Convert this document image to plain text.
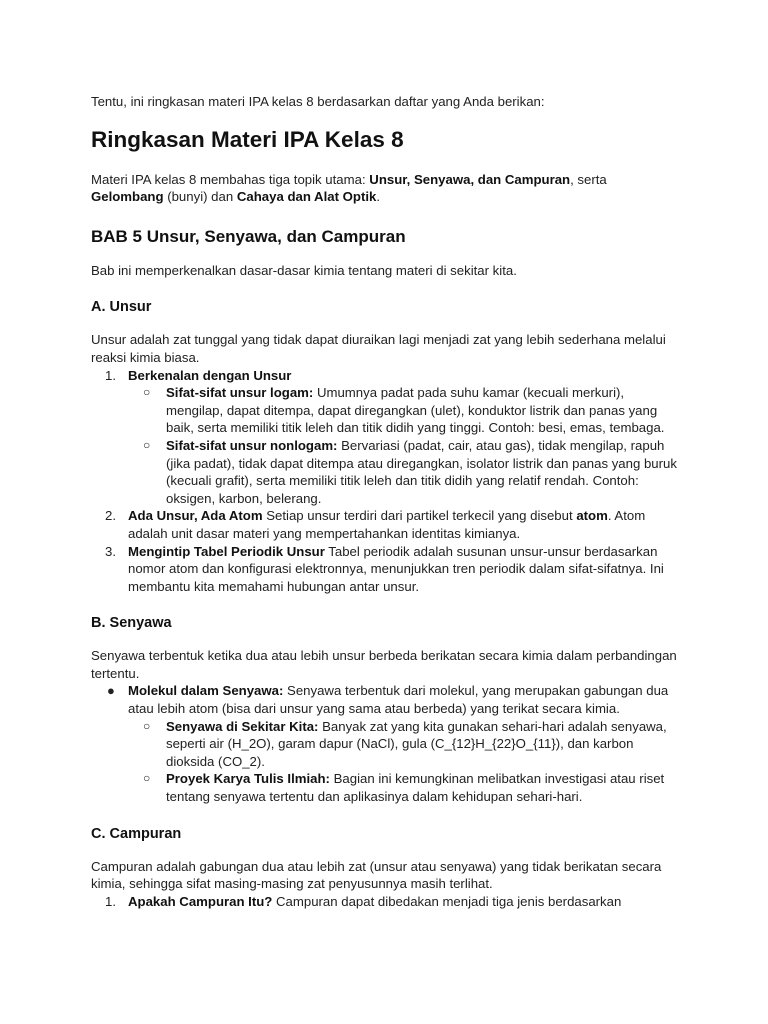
Tentu, ini ringkasan materi IPA kelas 8 berdasarkan daftar yang Anda berikan:

Ringkasan Materi IPA Kelas 8

Materi IPA kelas 8 membahas tiga topik utama: Unsur, Senyawa, dan Campuran, serta Gelombang (bunyi) dan Cahaya dan Alat Optik.

BAB 5 Unsur, Senyawa, dan Campuran

Bab ini memperkenalkan dasar-dasar kimia tentang materi di sekitar kita.

A. Unsur

Unsur adalah zat tunggal yang tidak dapat diuraikan lagi menjadi zat yang lebih sederhana melalui reaksi kimia biasa.

1. Berkenalan dengan Unsur
○ Sifat-sifat unsur logam: Umumnya padat pada suhu kamar (kecuali merkuri), mengilap, dapat ditempa, dapat diregangkan (ulet), konduktor listrik dan panas yang baik, serta memiliki titik leleh dan titik didih yang tinggi. Contoh: besi, emas, tembaga.
○ Sifat-sifat unsur nonlogam: Bervariasi (padat, cair, atau gas), tidak mengilap, rapuh (jika padat), tidak dapat ditempa atau diregangkan, isolator listrik dan panas yang buruk (kecuali grafit), serta memiliki titik leleh dan titik didih yang relatif rendah. Contoh: oksigen, karbon, belerang.
2. Ada Unsur, Ada Atom Setiap unsur terdiri dari partikel terkecil yang disebut atom. Atom adalah unit dasar materi yang mempertahankan identitas kimianya.
3. Mengintip Tabel Periodik Unsur Tabel periodik adalah susunan unsur-unsur berdasarkan nomor atom dan konfigurasi elektronnya, menunjukkan tren periodik dalam sifat-sifatnya. Ini membantu kita memahami hubungan antar unsur.
B. Senyawa

Senyawa terbentuk ketika dua atau lebih unsur berbeda berikatan secara kimia dalam perbandingan tertentu.

● Molekul dalam Senyawa: Senyawa terbentuk dari molekul, yang merupakan gabungan dua atau lebih atom (bisa dari unsur yang sama atau berbeda) yang terikat secara kimia.
○ Senyawa di Sekitar Kita: Banyak zat yang kita gunakan sehari-hari adalah senyawa, seperti air (H_2O), garam dapur (NaCl), gula (C_{12}H_{22}O_{11}), dan karbon dioksida (CO_2).
○ Proyek Karya Tulis Ilmiah: Bagian ini kemungkinan melibatkan investigasi atau riset tentang senyawa tertentu dan aplikasinya dalam kehidupan sehari-hari.
C. Campuran

Campuran adalah gabungan dua atau lebih zat (unsur atau senyawa) yang tidak berikatan secara kimia, sehingga sifat masing-masing zat penyusunnya masih terlihat.

1. Apakah Campuran Itu? Campuran dapat dibedakan menjadi tiga jenis berdasarkan
